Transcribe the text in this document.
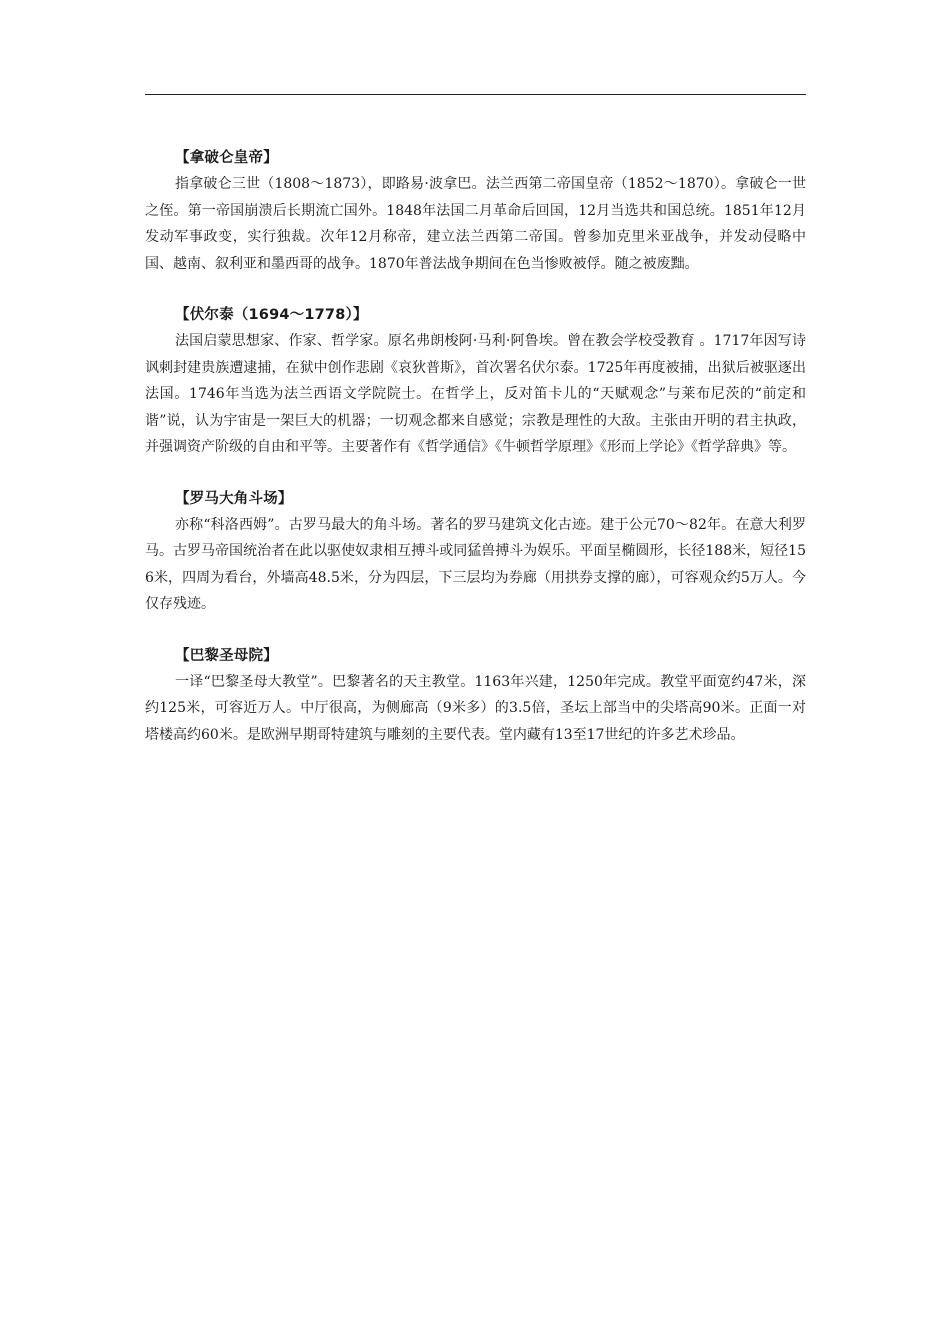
【拿破仑皇帝】

指拿破仑三世（1808～1873），即路易·波拿巴。法兰西第二帝国皇帝（1852～1870）。拿破仑一世之侄。第一帝国崩溃后长期流亡国外。1848年法国二月革命后回国，12月当选共和国总统。1851年12月发动军事政变，实行独裁。次年12月称帝，建立法兰西第二帝国。曾参加克里米亚战争，并发动侵略中国、越南、叙利亚和墨西哥的战争。1870年普法战争期间在色当惨败被俘。随之被废黜。

【伏尔泰（1694～1778）】

法国启蒙思想家、作家、哲学家。原名弗朗梭阿·马利·阿鲁埃。曾在教会学校受教育 。1717年因写诗讽刺封建贵族遭逮捕，在狱中创作悲剧《哀狄普斯》，首次署名伏尔泰。1725年再度被捕，出狱后被驱逐出法国。1746年当选为法兰西语文学院院士。在哲学上，反对笛卡儿的“天赋观念”与莱布尼茨的“前定和谐”说，认为宇宙是一架巨大的机器；一切观念都来自感觉；宗教是理性的大敌。主张由开明的君主执政，并强调资产阶级的自由和平等。主要著作有《哲学通信》《牛顿哲学原理》《形而上学论》《哲学辞典》等。

【罗马大角斗场】

亦称“科洛西姆”。古罗马最大的角斗场。著名的罗马建筑文化古迹。建于公元70～82年。在意大利罗马。古罗马帝国统治者在此以驱使奴隶相互搏斗或同猛兽搏斗为娱乐。平面呈椭圆形，长径188米，短径156米，四周为看台，外墙高48.5米，分为四层，下三层均为券廊（用拱券支撑的廊），可容观众约5万人。今仅存残迹。

【巴黎圣母院】

一译“巴黎圣母大教堂”。巴黎著名的天主教堂。1163年兴建，1250年完成。教堂平面宽约47米，深约125米，可容近万人。中厅很高，为侧廊高（9米多）的3.5倍，圣坛上部当中的尖塔高90米。正面一对塔楼高约60米。是欧洲早期哥特建筑与雕刻的主要代表。堂内藏有13至17世纪的许多艺术珍品。
